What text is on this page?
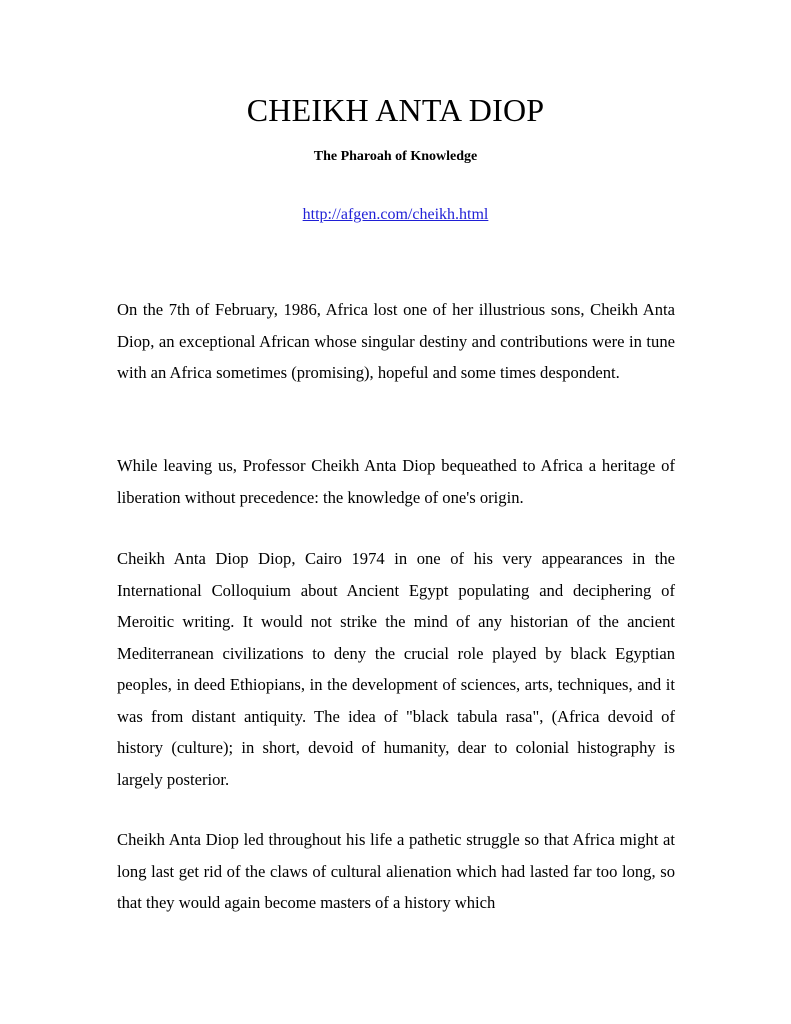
CHEIKH ANTA DIOP
The Pharoah of Knowledge
http://afgen.com/cheikh.html

On the 7th of February, 1986, Africa lost one of her illustrious sons, Cheikh Anta Diop, an exceptional African whose singular destiny and contributions were in tune with an Africa sometimes (promising), hopeful and some times despondent.

While leaving us, Professor Cheikh Anta Diop bequeathed to Africa a heritage of liberation without precedence: the knowledge of one's origin.

Cheikh Anta Diop Diop, Cairo 1974 in one of his very appearances in the International Colloquium about Ancient Egypt populating and deciphering of Meroitic writing. It would not strike the mind of any historian of the ancient Mediterranean civilizations to deny the crucial role played by black Egyptian peoples, in deed Ethiopians, in the development of sciences, arts, techniques, and it was from distant antiquity. The idea of "black tabula rasa", (Africa devoid of history (culture); in short, devoid of humanity, dear to colonial histography is largely posterior.

Cheikh Anta Diop led throughout his life a pathetic struggle so that Africa might at long last get rid of the claws of cultural alienation which had lasted far too long, so that they would again become masters of a history which
